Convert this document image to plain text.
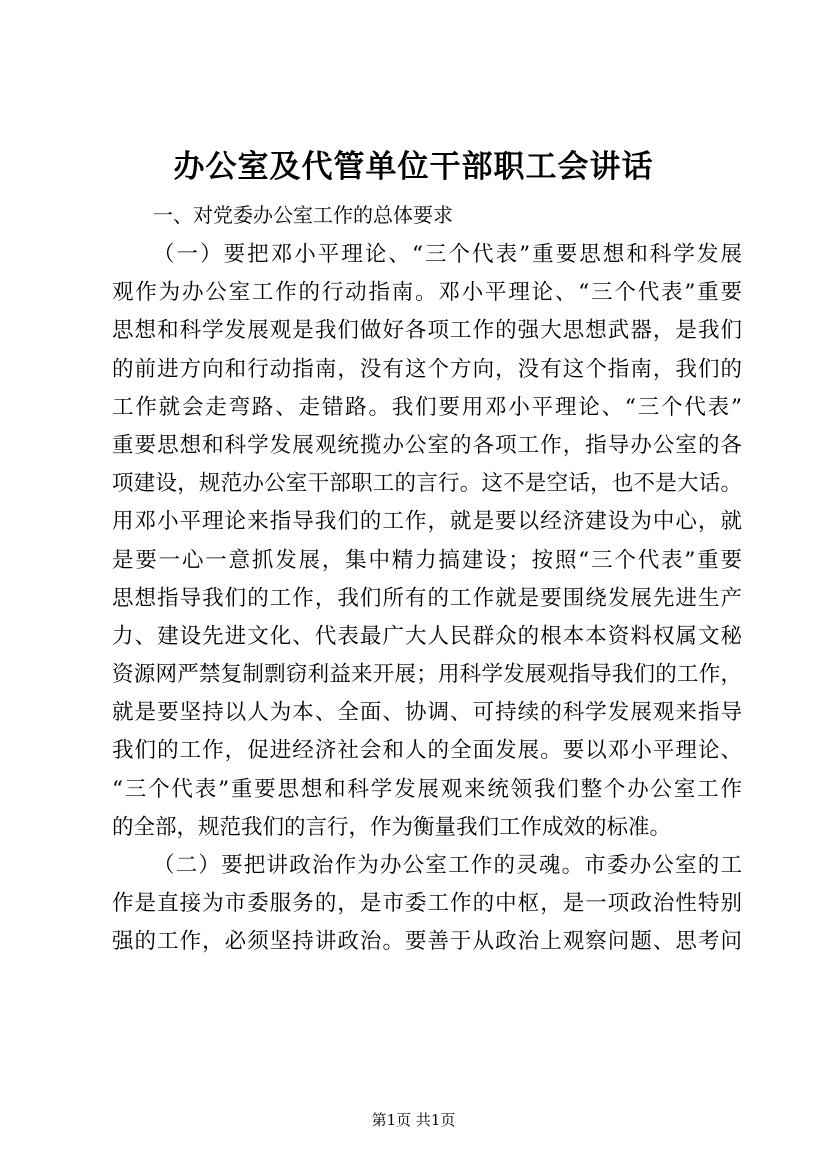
办公室及代管单位干部职工会讲话

一、对党委办公室工作的总体要求

（一）要把邓小平理论、“三个代表”重要思想和科学发展
观作为办公室工作的行动指南。邓小平理论、“三个代表”重要
思想和科学发展观是我们做好各项工作的强大思想武器，是我们
的前进方向和行动指南，没有这个方向，没有这个指南，我们的
工作就会走弯路、走错路。我们要用邓小平理论、“三个代表”
重要思想和科学发展观统揽办公室的各项工作，指导办公室的各
项建设，规范办公室干部职工的言行。这不是空话，也不是大话。
用邓小平理论来指导我们的工作，就是要以经济建设为中心，就
是要一心一意抓发展，集中精力搞建设；按照“三个代表”重要
思想指导我们的工作，我们所有的工作就是要围绕发展先进生产
力、建设先进文化、代表最广大人民群众的根本本资料权属文秘
资源网严禁复制剽窃利益来开展；用科学发展观指导我们的工作，
就是要坚持以人为本、全面、协调、可持续的科学发展观来指导
我们的工作，促进经济社会和人的全面发展。要以邓小平理论、
“三个代表”重要思想和科学发展观来统领我们整个办公室工作
的全部，规范我们的言行，作为衡量我们工作成效的标准。
（二）要把讲政治作为办公室工作的灵魂。市委办公室的工
作是直接为市委服务的，是市委工作的中枢，是一项政治性特别
强的工作，必须坚持讲政治。要善于从政治上观察问题、思考问

第1页 共1页
